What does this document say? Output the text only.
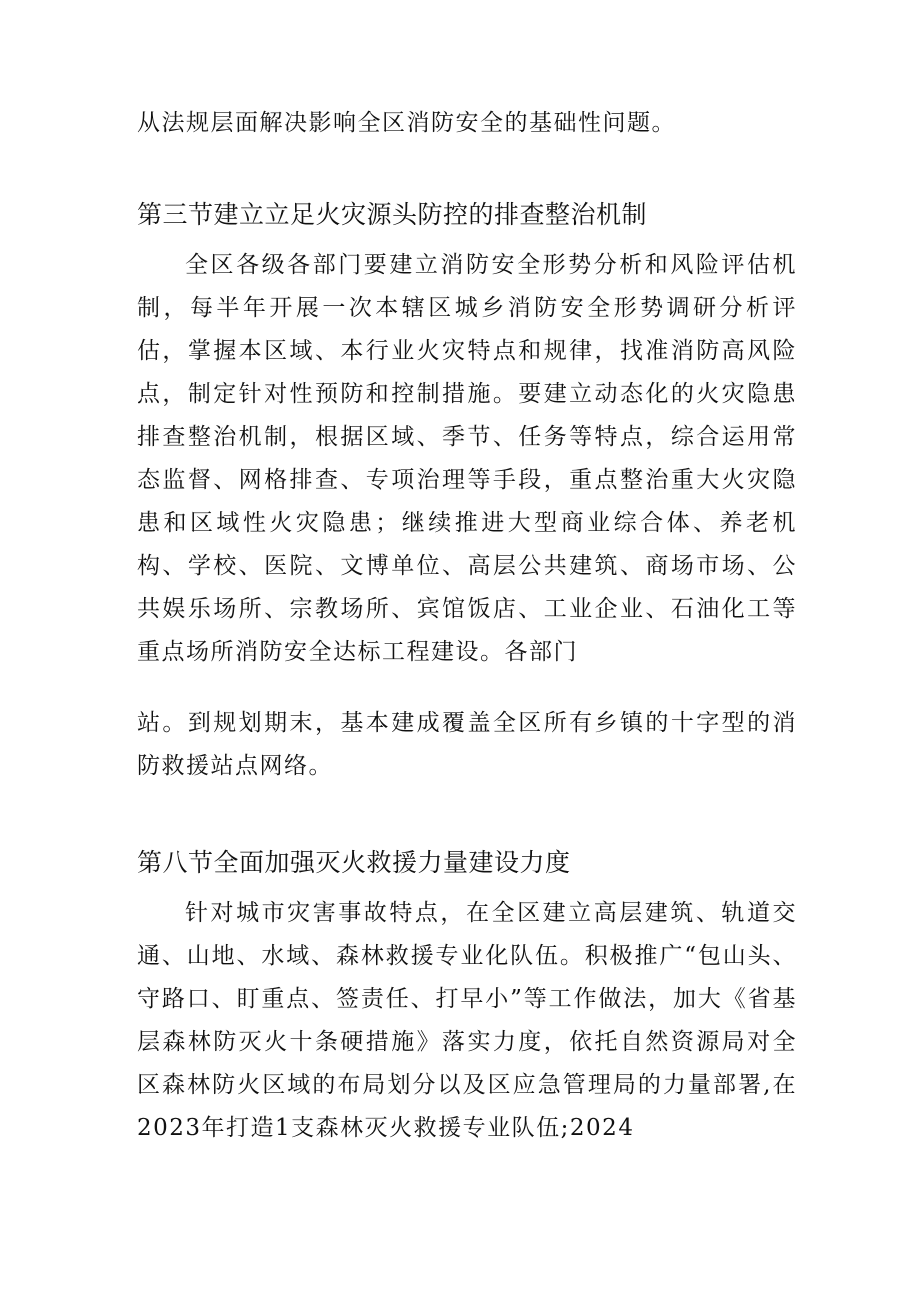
从法规层面解决影响全区消防安全的基础性问题。

第三节建立立足火灾源头防控的排查整治机制

全区各级各部门要建立消防安全形势分析和风险评估机制，每半年开展一次本辖区城乡消防安全形势调研分析评估，掌握本区域、本行业火灾特点和规律，找准消防高风险点，制定针对性预防和控制措施。要建立动态化的火灾隐患排查整治机制，根据区域、季节、任务等特点，综合运用常态监督、网格排查、专项治理等手段，重点整治重大火灾隐患和区域性火灾隐患；继续推进大型商业综合体、养老机构、学校、医院、文博单位、高层公共建筑、商场市场、公共娱乐场所、宗教场所、宾馆饭店、工业企业、石油化工等重点场所消防安全达标工程建设。各部门

站。到规划期末，基本建成覆盖全区所有乡镇的十字型的消防救援站点网络。

第八节全面加强灭火救援力量建设力度

针对城市灾害事故特点，在全区建立高层建筑、轨道交通、山地、水域、森林救援专业化队伍。积极推广“包山头、守路口、盯重点、签责任、打早小”等工作做法，加大《省基层森林防灭火十条硬措施》落实力度，依托自然资源局对全区森林防火区域的布局划分以及区应急管理局的力量部署,在2023年打造1支森林灭火救援专业队伍;2024
